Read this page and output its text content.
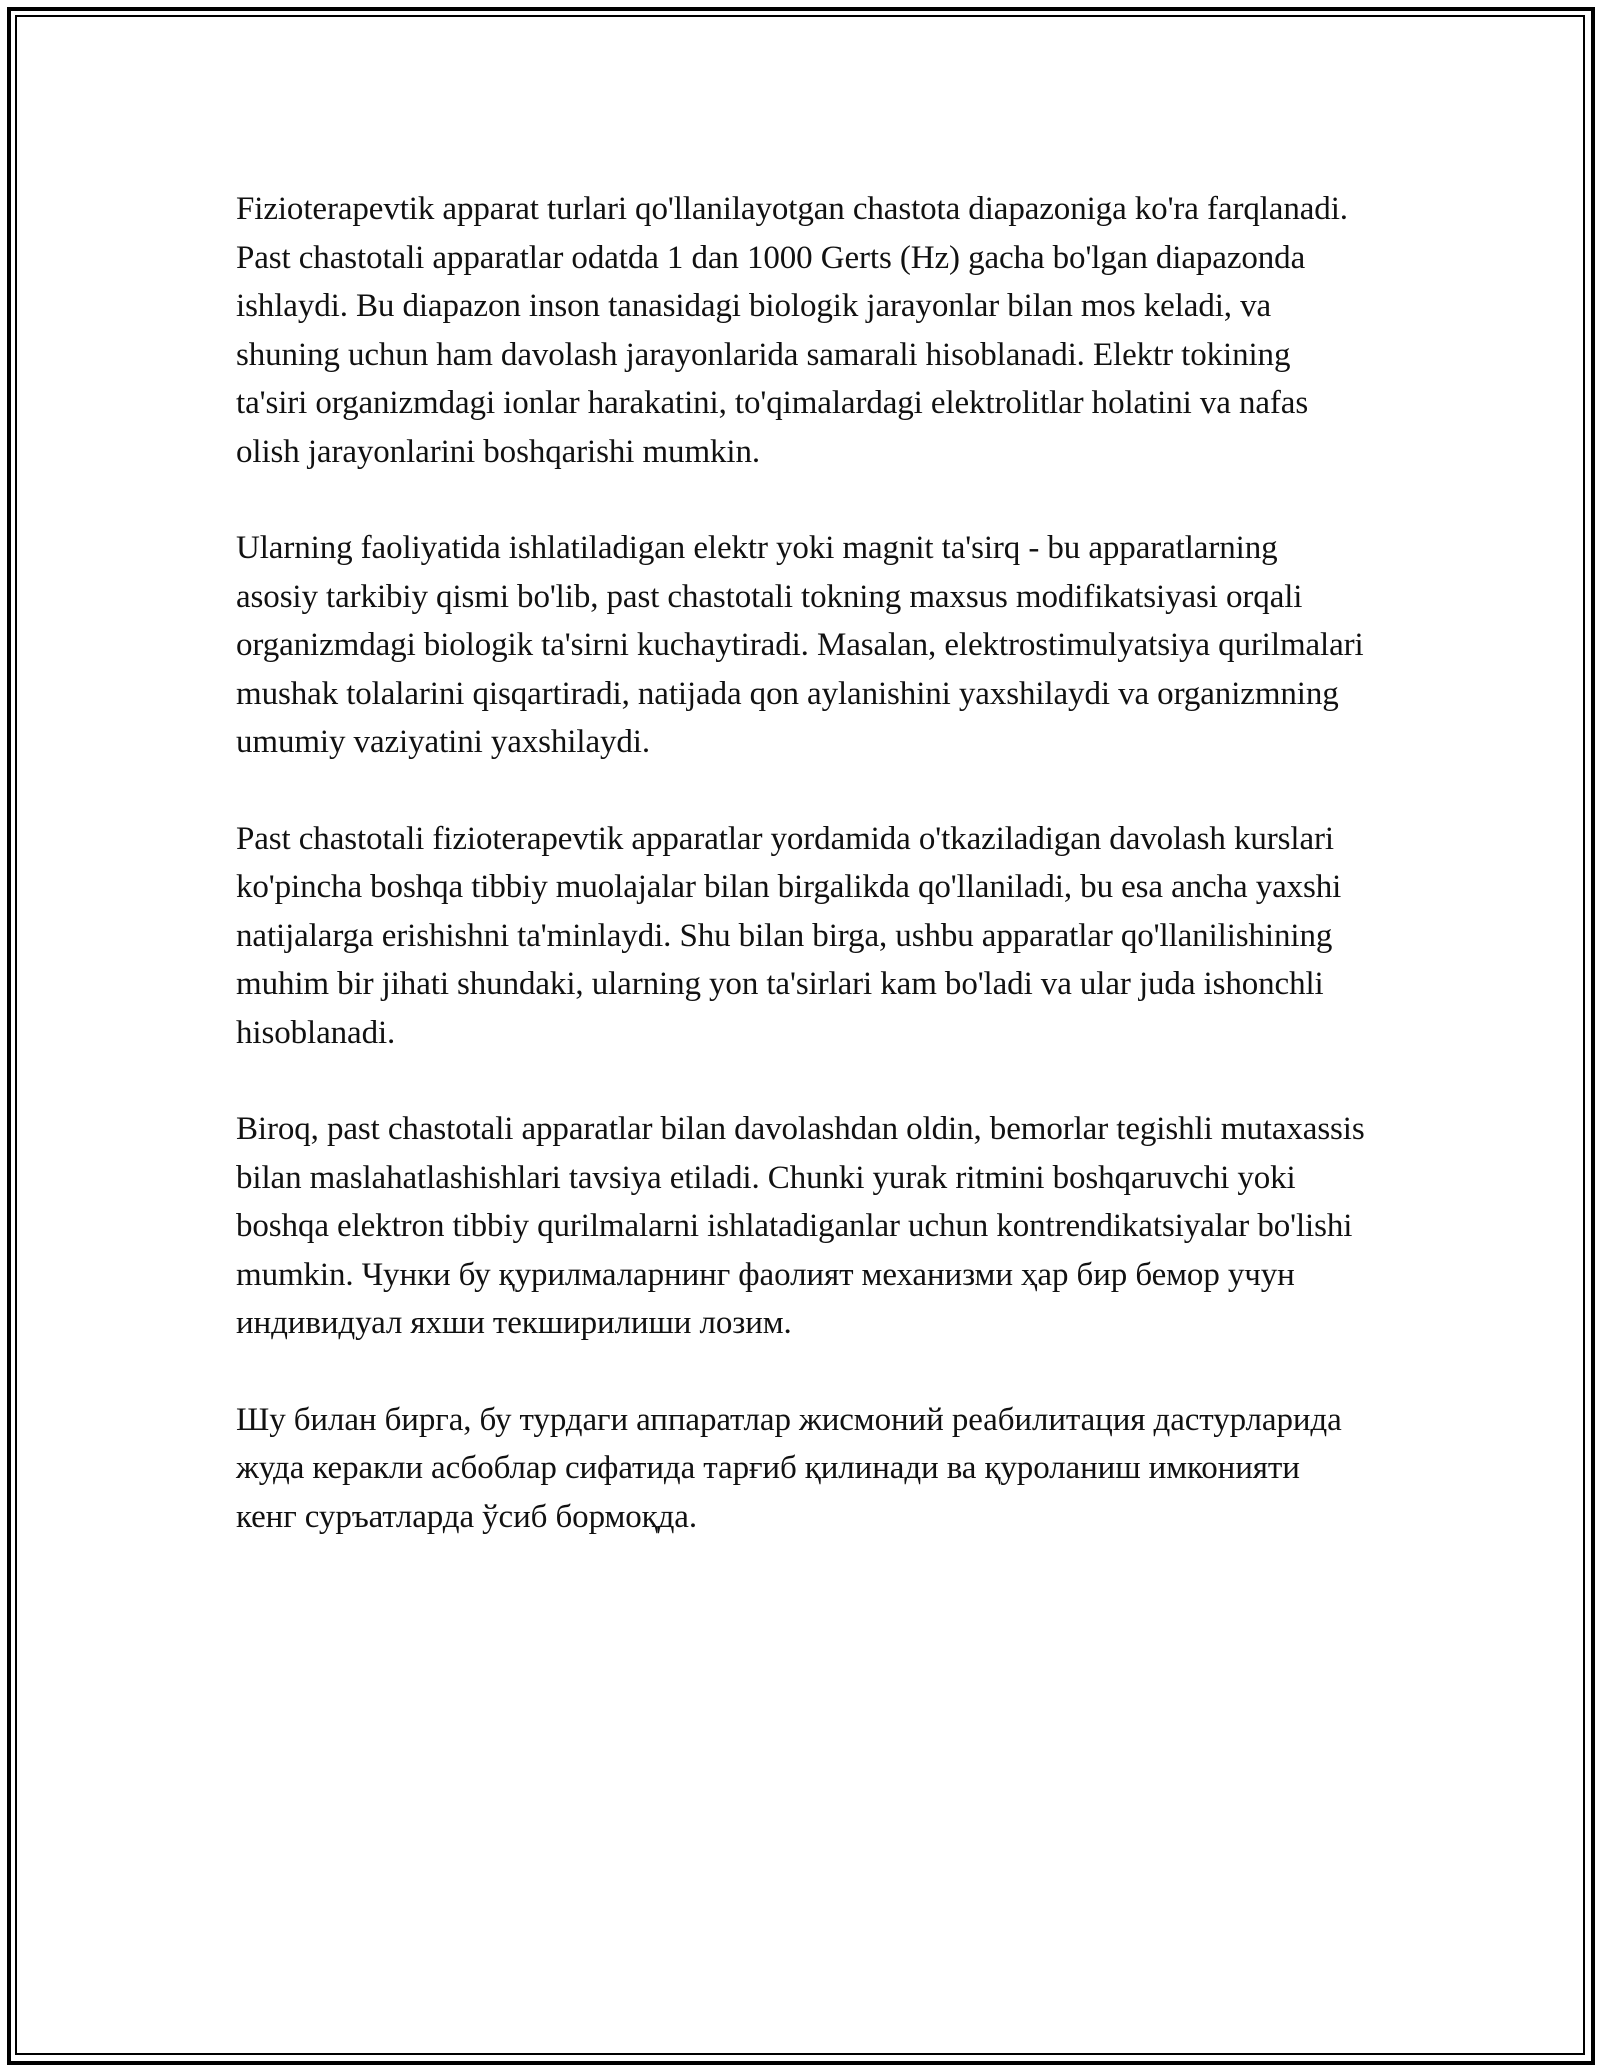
Fizioterapevtik apparat turlari qo'llanilayotgan chastota diapazoniga ko'ra farqlanadi. Past chastotali apparatlar odatda 1 dan 1000 Gerts (Hz) gacha bo'lgan diapazonda ishlaydi. Bu diapazon inson tanasidagi biologik jarayonlar bilan mos keladi, va shuning uchun ham davolash jarayonlarida samarali hisoblanadi. Elektr tokining ta'siri organizmdagi ionlar harakatini, to'qimalardagi elektrolitlar holatini va nafas olish jarayonlarini boshqarishi mumkin.

Ularning faoliyatida ishlatiladigan elektr yoki magnit ta'sirq - bu apparatlarning asosiy tarkibiy qismi bo'lib, past chastotali tokning maxsus modifikatsiyasi orqali organizmdagi biologik ta'sirni kuchaytiradi. Masalan, elektrostimulyatsiya qurilmalari mushak tolalarini qisqartiradi, natijada qon aylanishini yaxshilaydi va organizmning umumiy vaziyatini yaxshilaydi.

Past chastotali fizioterapevtik apparatlar yordamida o'tkaziladigan davolash kurslari ko'pincha boshqa tibbiy muolajalar bilan birgalikda qo'llaniladi, bu esa ancha yaxshi natijalarga erishishni ta'minlaydi. Shu bilan birga, ushbu apparatlar qo'llanilishining muhim bir jihati shundaki, ularning yon ta'sirlari kam bo'ladi va ular juda ishonchli hisoblanadi.

Biroq, past chastotali apparatlar bilan davolashdan oldin, bemorlar tegishli mutaxassis bilan maslahatlashishlari tavsiya etiladi. Chunki yurak ritmini boshqaruvchi yoki boshqa elektron tibbiy qurilmalarni ishlatadiganlar uchun kontrendikatsiyalar bo'lishi mumkin. Чунки бу қурилмаларнинг фаолият механизми ҳар бир бемор учун индивидуал яхши текширилиши лозим.

Шу билан бирга, бу турдаги аппаратлар жисмоний реабилитация дастурларида жуда керакли асбоблар сифатида тарғиб қилинади ва қуроланиш имконияти кенг суръатларда ўсиб бормоқда.
